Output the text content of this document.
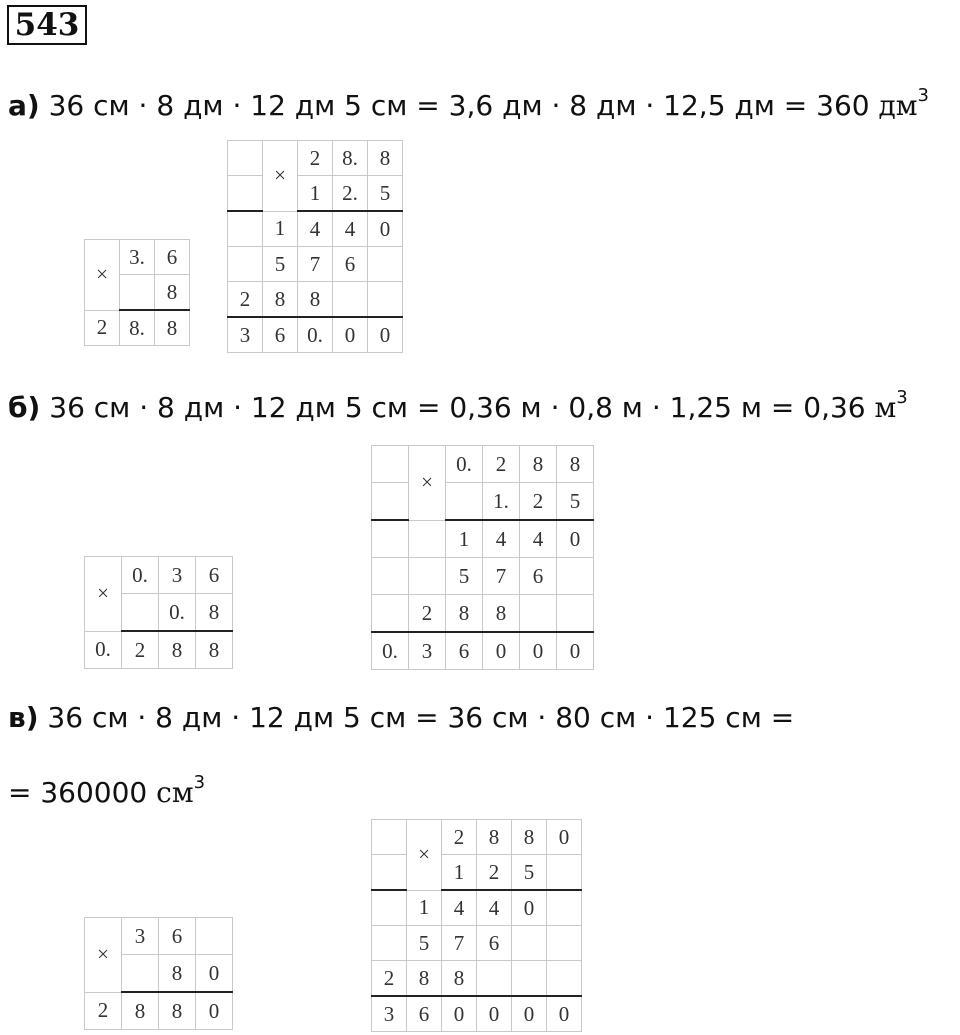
543
а) 36 см · 8 дм · 12 дм 5 см = 3,6 дм · 8 дм · 12,5 дм = 360 $дм^3$
×	3.	6
		8
2	8.	8
	×	2	8.	8
		1	2.	5
	1	4	4	0
	5	7	6	
2	8	8		
3	6	0.	0	0
б) 36 см · 8 дм · 12 дм 5 см = 0,36 м · 0,8 м · 1,25 м = 0,36 $м^3$
×	0.	3	6
		0.	8
0.	2	8	8
	×	0.	2	8	8
			1.	2	5
		1	4	4	0
		5	7	6	
	2	8	8		
0.	3	6	0	0	0
в) 36 см · 8 дм · 12 дм 5 см = 36 см · 80 см · 125 см =
= 360000 $см^3$
×	3	6	
		8	0
2	8	8	0
	×	2	8	8	0
		1	2	5	
	1	4	4	0	
	5	7	6		
2	8	8			
3	6	0	0	0	0
